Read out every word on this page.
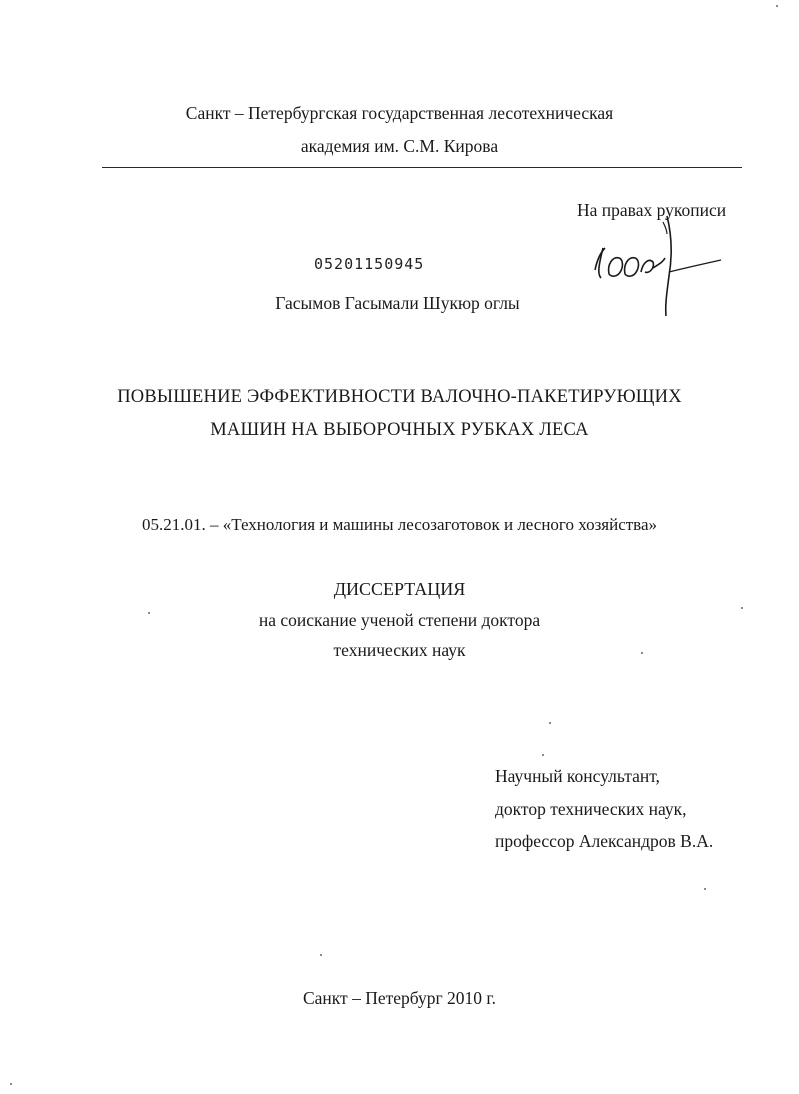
Санкт – Петербургская государственная лесотехническая
академия им. С.М. Кирова
На правах рукописи
05201150945
Гасымов Гасымали Шукюр оглы
ПОВЫШЕНИЕ ЭФФЕКТИВНОСТИ ВАЛОЧНО-ПАКЕТИРУЮЩИХ
МАШИН НА ВЫБОРОЧНЫХ РУБКАХ ЛЕСА
05.21.01. – «Технология и машины лесозаготовок и лесного хозяйства»
ДИССЕРТАЦИЯ
на соискание ученой степени доктора
технических наук
Научный консультант,
доктор технических наук,
профессор Александров В.А.
Санкт – Петербург 2010 г.
